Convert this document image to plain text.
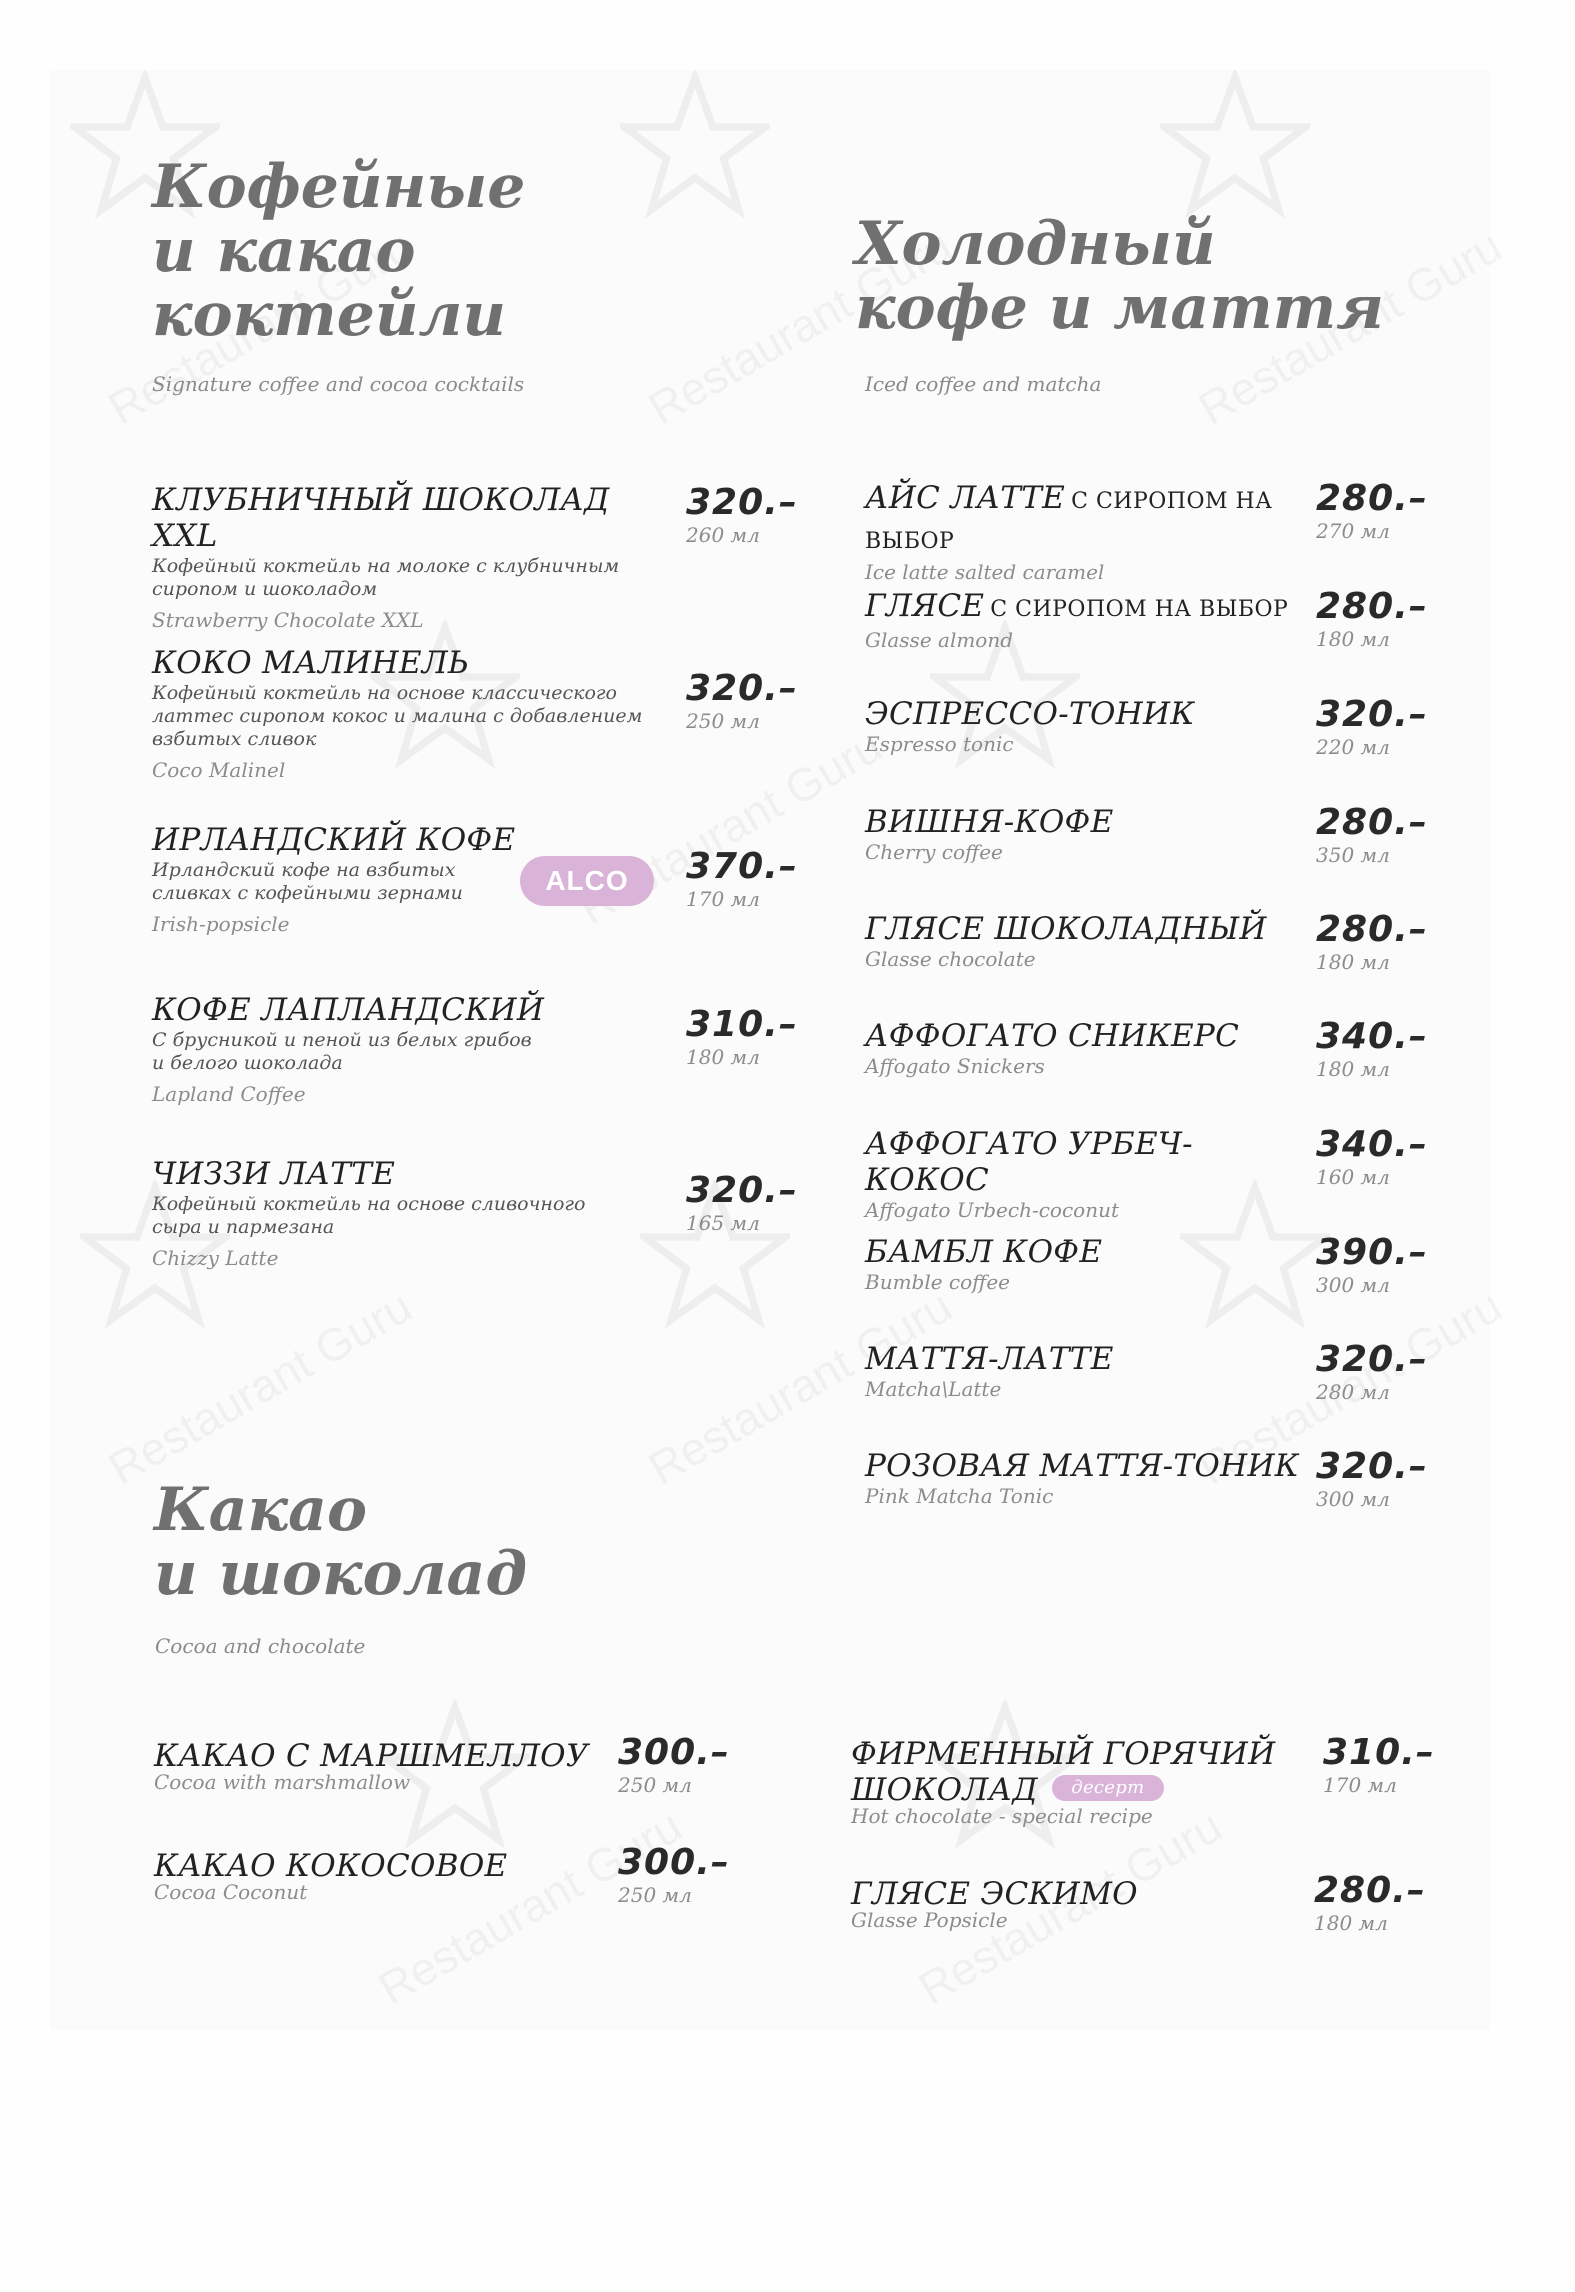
Кофейные
и какао
коктейли
Signature coffee and cocoa cocktails
КЛУБНИЧНЫЙ ШОКОЛАД XXL
Кофейный коктейль на молоке с клубничным
сиропом и шоколадом
Strawberry Chocolate XXL
320.–
260 мл
КОКО МАЛИНЕЛЬ
Кофейный коктейль на основе классического
латтес сиропом кокос и малина с добавлением
взбитых сливок
Coco Malinel
320.–
250 мл
ИРЛАНДСКИЙ КОФЕ
Ирландский кофе на взбитых
сливках с кофейными зернами
Irish-popsicle
ALCO	370.–
170 мл
КОФЕ ЛАПЛАНДСКИЙ
С брусникой и пеной из белых грибов
и белого шоколада
Lapland Coffee
310.–
180 мл
ЧИЗЗИ ЛАТТЕ
Кофейный коктейль на основе сливочного
сыра и пармезана
Chizzy Latte
320.–
165 мл
Холодный
кофе и маття
Iced coffee and matcha
АЙС ЛАТТЕ С СИРОПОМ НА ВЫБОР
Ice latte salted caramel
280.–
270 мл
ГЛЯСЕ С СИРОПОМ НА ВЫБОР
Glasse almond
280.–
180 мл
ЭСПРЕССО-ТОНИК
Espresso tonic
320.–
220 мл
ВИШНЯ-КОФЕ
Cherry coffee
280.–
350 мл
ГЛЯСЕ ШОКОЛАДНЫЙ
Glasse chocolate
280.–
180 мл
АФФОГАТО СНИКЕРС
Affogato Snickers
340.–
180 мл
АФФОГАТО УРБЕЧ-КОКОС
Affogato Urbech-coconut
340.–
160 мл
БАМБЛ КОФЕ
Bumble coffee
390.–
300 мл
МАТТЯ-ЛАТТЕ
Matcha\Latte
320.–
280 мл
РОЗОВАЯ МАТТЯ-ТОНИК
Pink Matcha Tonic
320.–
300 мл
Какао
и шоколад
Cocoa and chocolate
КАКАО С МАРШМЕЛЛОУ
Cocoa with marshmallow
300.–
250 мл
КАКАО КОКОСОВОЕ
Cocoa Coconut
300.–
250 мл
ФИРМЕННЫЙ ГОРЯЧИЙ
ШОКОЛАД десерт
Hot chocolate - special recipe
310.–
170 мл
ГЛЯСЕ ЭСКИМО
Glasse Popsicle
280.–
180 мл
